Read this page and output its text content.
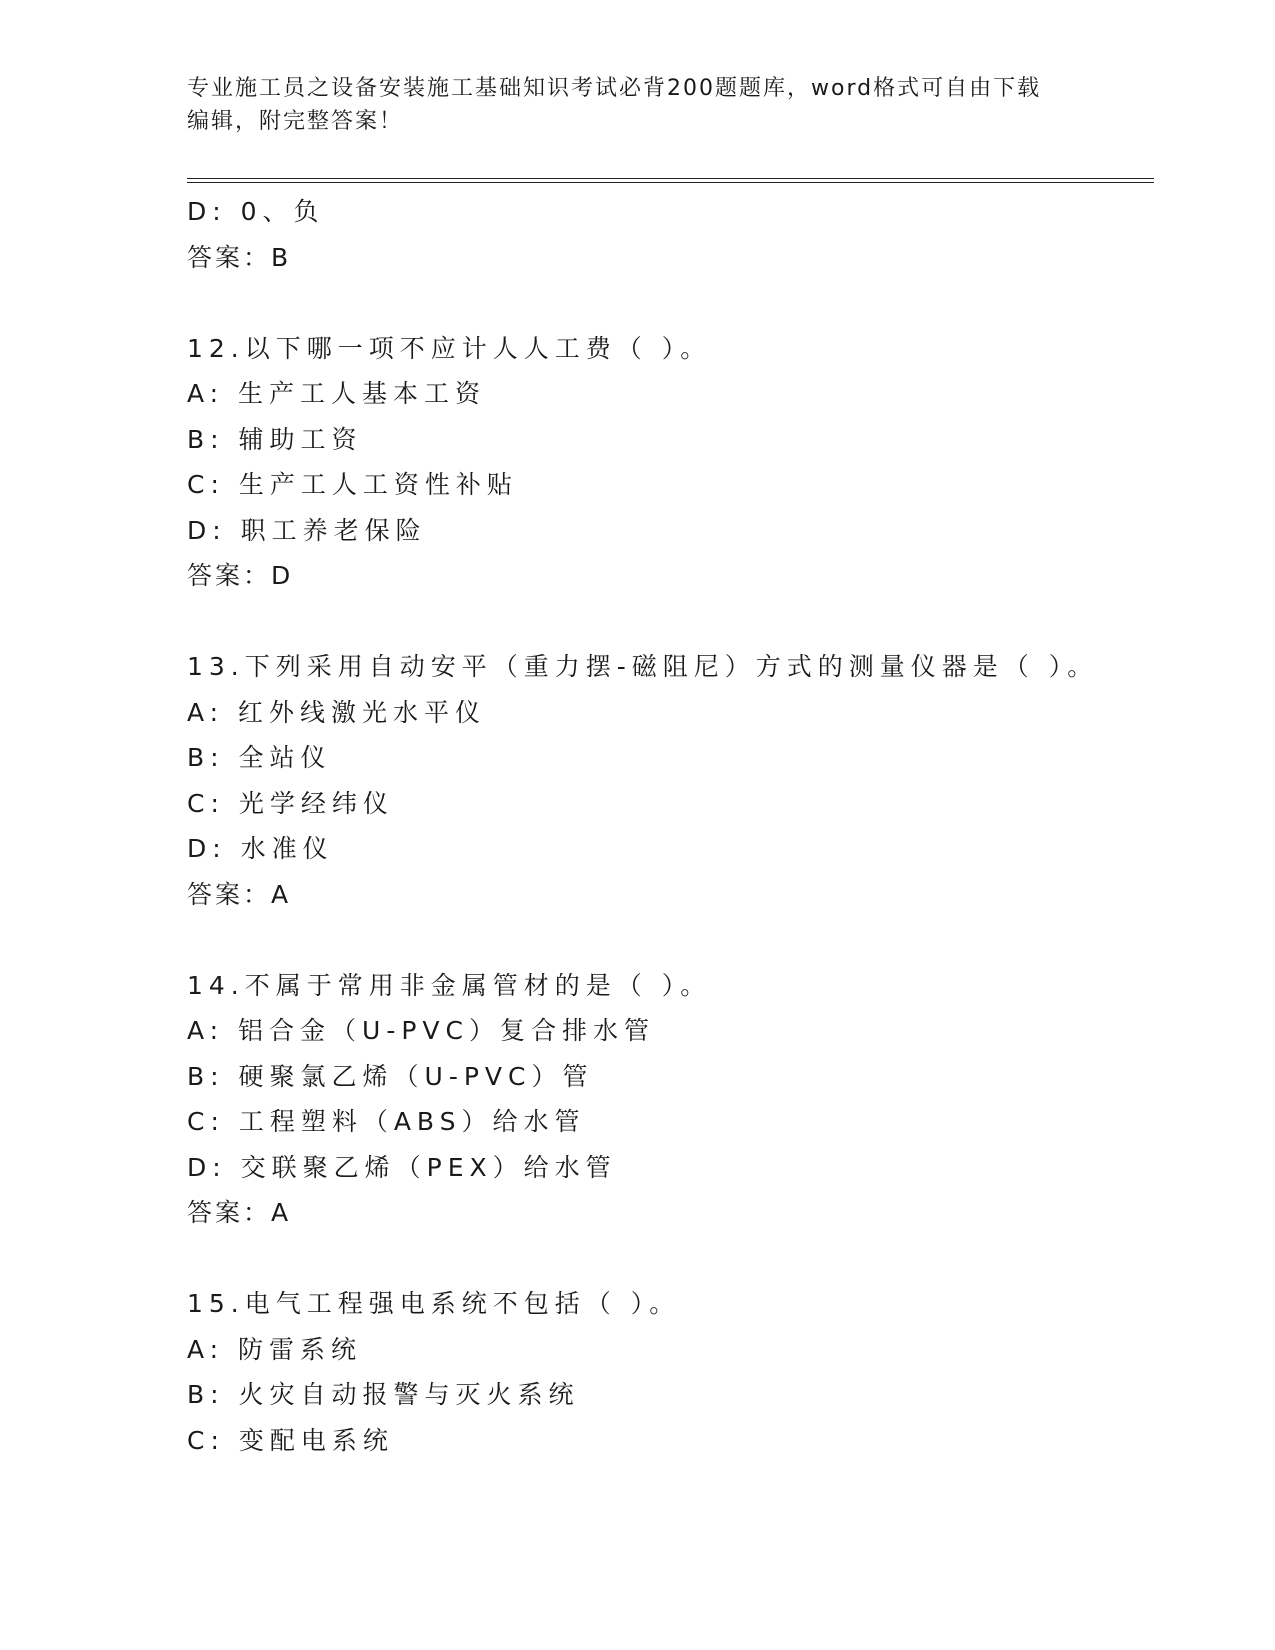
专业施工员之设备安装施工基础知识考试必背200题题库，word格式可自由下载
编辑，附完整答案！
D: 0、负
答案：B
12.以下哪一项不应计人人工费（ ）。
A: 生产工人基本工资
B: 辅助工资
C: 生产工人工资性补贴
D: 职工养老保险
答案：D
13.下列采用自动安平（重力摆-磁阻尼）方式的测量仪器是（ ）。
A: 红外线激光水平仪
B: 全站仪
C: 光学经纬仪
D: 水准仪
答案：A
14.不属于常用非金属管材的是（ ）。
A: 铝合金（U-PVC）复合排水管
B: 硬聚氯乙烯（U-PVC）管
C: 工程塑料（ABS）给水管
D: 交联聚乙烯（PEX）给水管
答案：A
15.电气工程强电系统不包括（ ）。
A: 防雷系统
B: 火灾自动报警与灭火系统
C: 变配电系统
